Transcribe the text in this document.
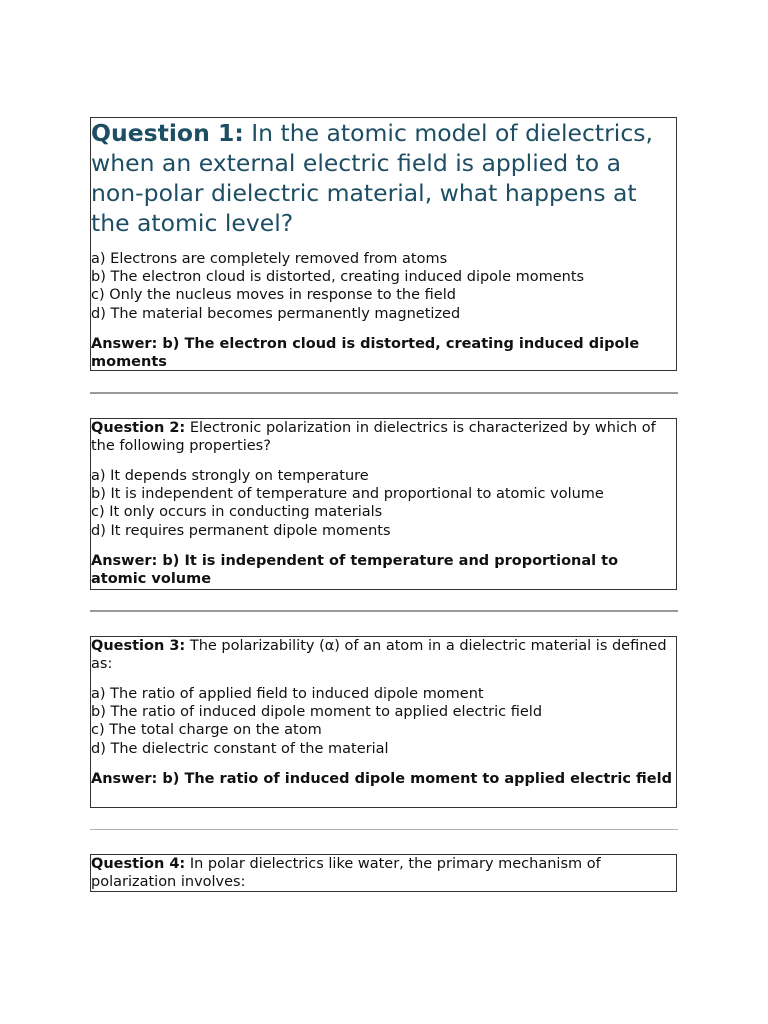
Question 1: In the atomic model of dielectrics, when an external electric field is applied to a non-polar dielectric material, what happens at the atomic level?

a) Electrons are completely removed from atoms
b) The electron cloud is distorted, creating induced dipole moments
c) Only the nucleus moves in response to the field
d) The material becomes permanently magnetized

Answer: b) The electron cloud is distorted, creating induced dipole moments

Question 2: Electronic polarization in dielectrics is characterized by which of the following properties?

a) It depends strongly on temperature
b) It is independent of temperature and proportional to atomic volume
c) It only occurs in conducting materials
d) It requires permanent dipole moments

Answer: b) It is independent of temperature and proportional to atomic volume

Question 3: The polarizability (α) of an atom in a dielectric material is defined as:

a) The ratio of applied field to induced dipole moment
b) The ratio of induced dipole moment to applied electric field
c) The total charge on the atom
d) The dielectric constant of the material

Answer: b) The ratio of induced dipole moment to applied electric field

Question 4: In polar dielectrics like water, the primary mechanism of polarization involves:
